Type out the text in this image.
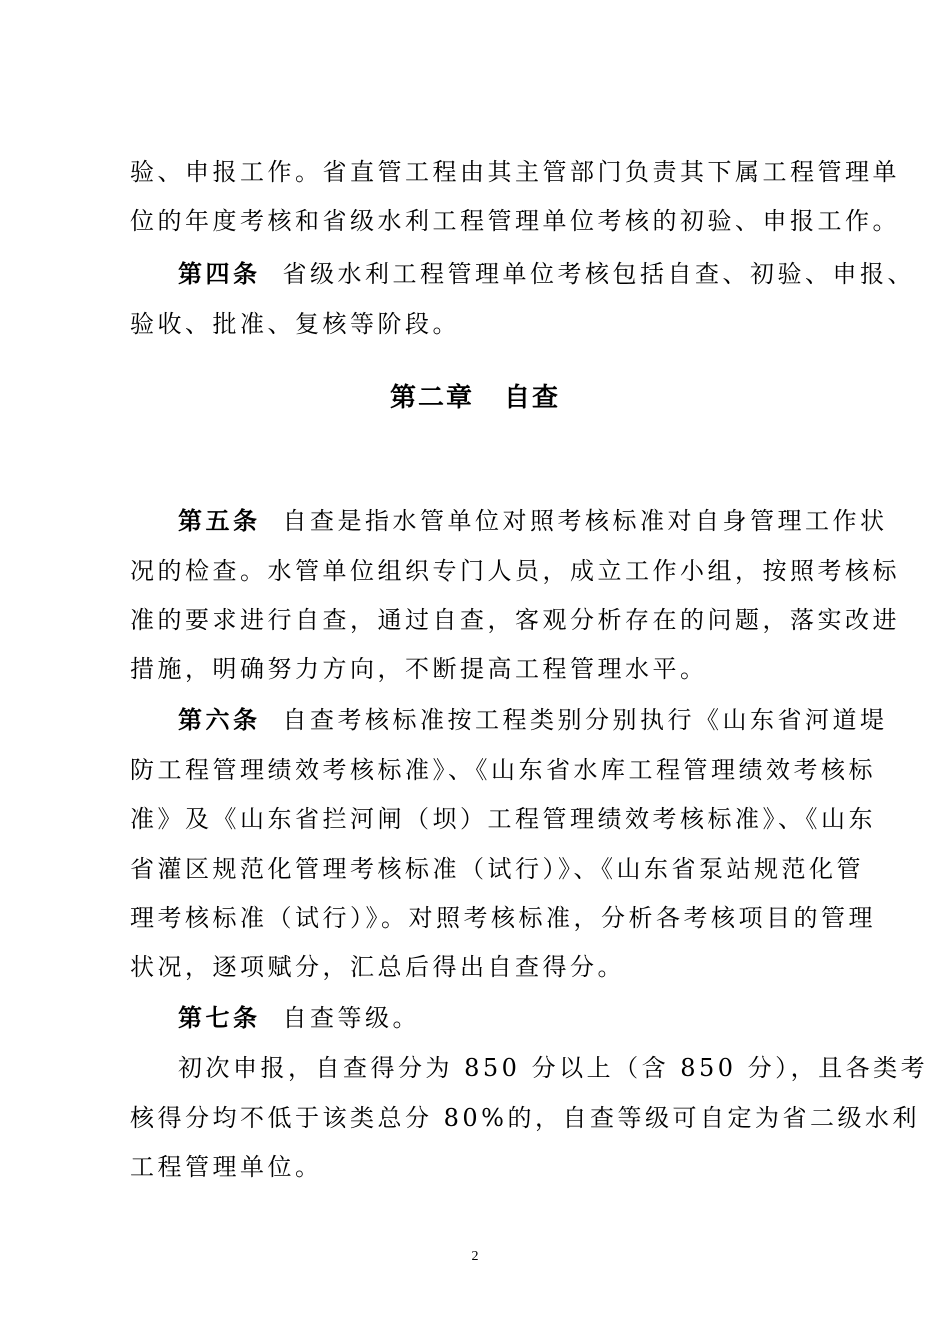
验、申报工作。省直管工程由其主管部门负责其下属工程管理单
位的年度考核和省级水利工程管理单位考核的初验、申报工作。
第四条 省级水利工程管理单位考核包括自查、初验、申报、
验收、批准、复核等阶段。
第二章 自查
第五条 自查是指水管单位对照考核标准对自身管理工作状
况的检查。水管单位组织专门人员，成立工作小组，按照考核标
准的要求进行自查，通过自查，客观分析存在的问题，落实改进
措施，明确努力方向，不断提高工程管理水平。
第六条 自查考核标准按工程类别分别执行《山东省河道堤
防工程管理绩效考核标准》、《山东省水库工程管理绩效考核标
准》及《山东省拦河闸（坝）工程管理绩效考核标准》、《山东
省灌区规范化管理考核标准（试行）》、《山东省泵站规范化管
理考核标准（试行）》。对照考核标准，分析各考核项目的管理
状况，逐项赋分，汇总后得出自查得分。
第七条 自查等级。
初次申报，自查得分为 850 分以上（含 850 分），且各类考
核得分均不低于该类总分 80%的，自查等级可自定为省二级水利
工程管理单位。
2
